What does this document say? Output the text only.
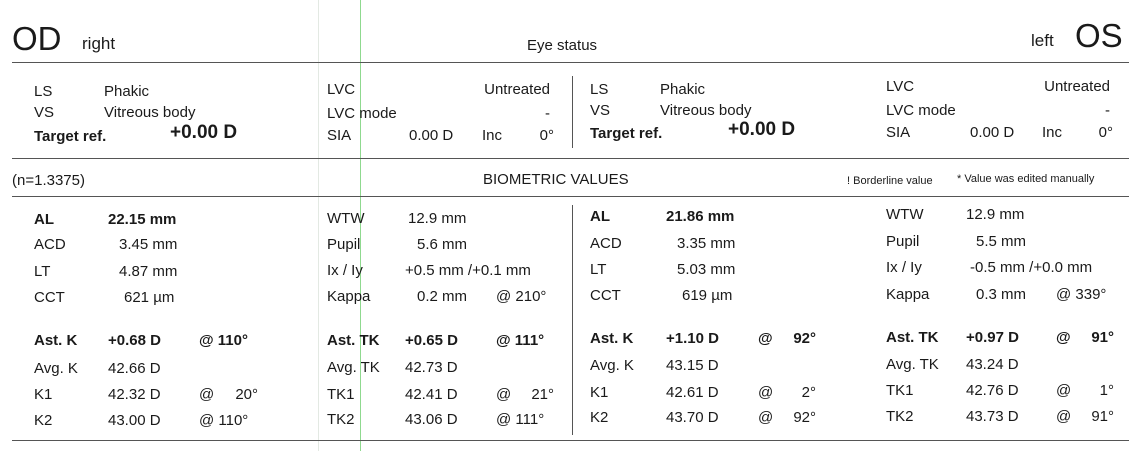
OD right	Eye status	left OS
LS	Phakic
VS	Vitreous body
Target ref.	+0.00 D
LVC	Untreated
LVC mode	-
SIA	0.00 D Inc	0°
LS	Phakic
VS	Vitreous body
Target ref.	+0.00 D
LVC	Untreated
LVC mode	-
SIA	0.00 D Inc	0°
(n=1.3375)	BIOMETRIC VALUES	! Borderline value * Value was edited manually
AL	22.15 mm
ACD	3.45 mm
LT	4.87 mm
CCT	621 µm
Ast. K +0.68 D	@ 110°
Avg. K 42.66 D
K1	42.32 D	@	20°
K2	43.00 D	@ 110°
WTW	12.9 mm
Pupil	5.6 mm
Ix / Iy	+0.5 mm /+0.1 mm
Kappa	0.2 mm @ 210°
Ast. TK +0.65 D	@ 111°
Avg. TK 42.73 D
TK1	42.41 D	@	21°
TK2	43.06 D	@ 111°
AL	21.86 mm
ACD	3.35 mm
LT	5.03 mm
CCT	619 µm
Ast. K +1.10 D	@	92°
Avg. K 43.15 D
K1	42.61 D	@	2°
K2	43.70 D	@	92°
WTW	12.9 mm
Pupil	5.5 mm
Ix / Iy	-0.5 mm /+0.0 mm
Kappa	0.3 mm @ 339°
Ast. TK +0.97 D @	91°
Avg. TK 43.24 D
TK1	42.76 D @	1°
TK2	43.73 D @	91°
